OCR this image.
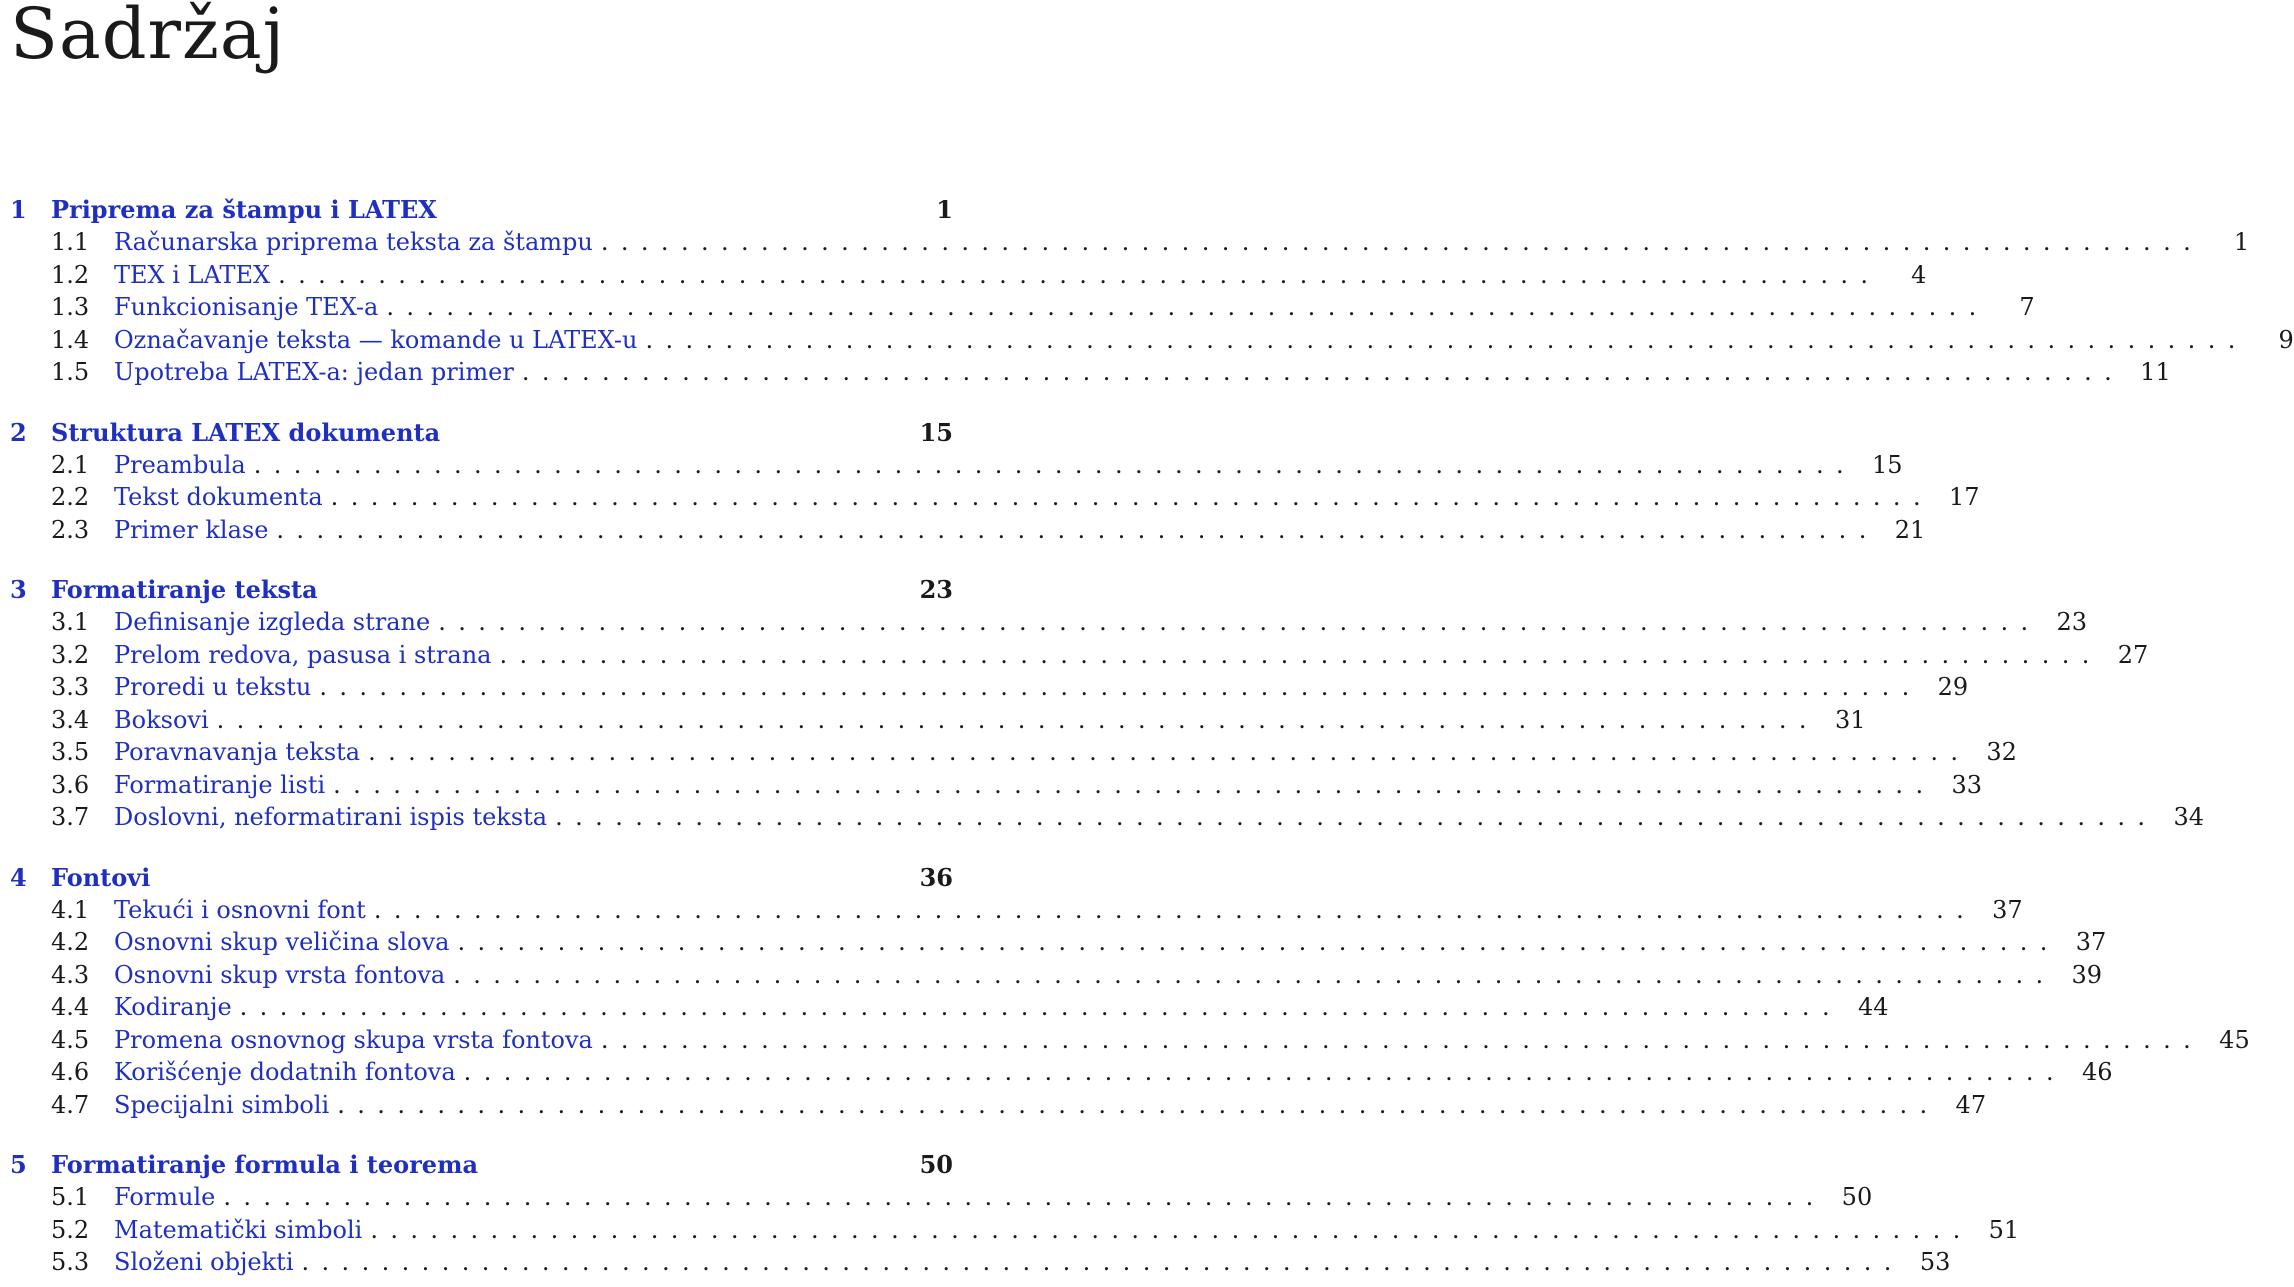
Sadržaj
1	Priprema za štampu i LATEX	1
1.1	Računarska priprema teksta za štampu ................................................................................	1
1.2	TEX i LATEX ................................................................................	4
1.3	Funkcionisanje TEX-a ................................................................................	7
1.4	Označavanje teksta — komande u LATEX-u ................................................................................	9
1.5	Upotreba LATEX-a: jedan primer ................................................................................ 11
2	Struktura LATEX dokumenta	15
2.1	Preambula ................................................................................ 15
2.2	Tekst dokumenta ................................................................................ 17
2.3	Primer klase ................................................................................ 21
3	Formatiranje teksta	23
3.1	Definisanje izgleda strane ................................................................................ 23
3.2	Prelom redova, pasusa i strana ................................................................................ 27
3.3	Proredi u tekstu ................................................................................ 29
3.4	Boksovi ................................................................................ 31
3.5	Poravnavanja teksta ................................................................................ 32
3.6	Formatiranje listi ................................................................................ 33
3.7	Doslovni, neformatirani ispis teksta ................................................................................ 34
4	Fontovi	36
4.1	Tekući i osnovni font ................................................................................ 37
4.2	Osnovni skup veličina slova ................................................................................ 37
4.3	Osnovni skup vrsta fontova ................................................................................ 39
4.4	Kodiranje ................................................................................ 44
4.5	Promena osnovnog skupa vrsta fontova ................................................................................ 45
4.6	Korišćenje dodatnih fontova ................................................................................ 46
4.7	Specijalni simboli ................................................................................ 47
5	Formatiranje formula i teorema	50
5.1	Formule ................................................................................ 50
5.2	Matematički simboli ................................................................................ 51
5.3	Složeni objekti ................................................................................ 53
